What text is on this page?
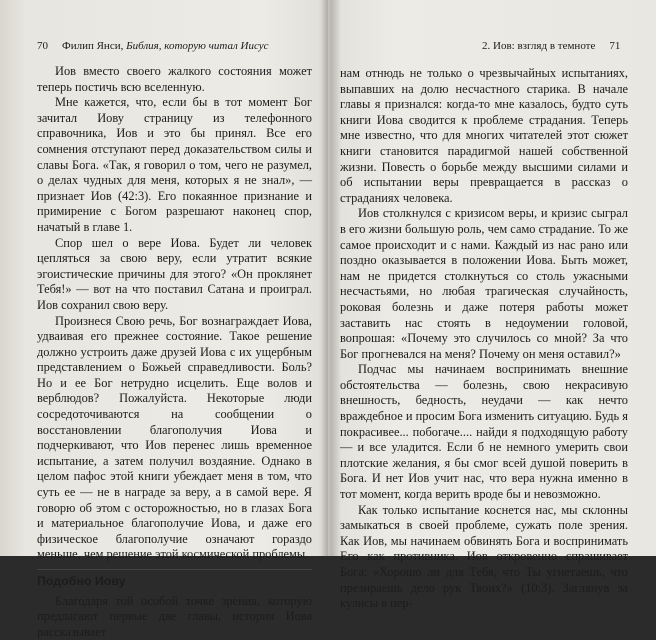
70 Филип Янси, Библия, которую читал Иисус

Иов вместо своего жалкого состояния может теперь постичь всю вселенную.

Мне кажется, что, если бы в тот момент Бог зачитал Иову страницу из телефонного справочника, Иов и это бы принял. Все его сомнения отступают перед доказательством силы и славы Бога. «Так, я говорил о том, чего не разумел, о делах чудных для меня, которых я не знал», — признает Иов (42:3). Его покаянное признание и примирение с Богом разрешают наконец спор, начатый в главе 1.

Спор шел о вере Иова. Будет ли человек цепляться за свою веру, если утратит всякие эгоистические причины для этого? «Он проклянет Тебя!» — вот на что поставил Сатана и проиграл. Иов сохранил свою веру.

Произнеся Свою речь, Бог вознаграждает Иова, удваивая его прежнее состояние. Такое решение должно устроить даже друзей Иова с их ущербным представлением о Божьей справедливости. Боль? Но и ее Бог нетрудно исцелить. Еще волов и верблюдов? Пожалуйста. Некоторые люди сосредоточиваются на сообщении о восстановлении благополучия Иова и подчеркивают, что Иов перенес лишь временное испытание, а затем получил воздаяние. Однако в целом пафос этой книги убеждает меня в том, что суть ее — не в награде за веру, а в самой вере. Я говорю об этом с осторожностью, но в глазах Бога и материальное благополучие Иова, и даже его физическое благополучие означают гораздо меньше, чем решение этой космической проблемы.

Подобно Иову

Благодаря той особой точке зрения, которую предлагают первые две главы, история Иова рассказывает

2. Иов: взгляд в темноте 71

нам отнюдь не только о чрезвычайных испытаниях, выпавших на долю несчастного старика. В начале главы я признался: когда-то мне казалось, будто суть книги Иова сводится к проблеме страдания. Теперь мне известно, что для многих читателей этот сюжет книги становится парадигмой нашей собственной жизни. Повесть о борьбе между высшими силами и об испытании веры превращается в рассказ о страданиях человека.

Иов столкнулся с кризисом веры, и кризис сыграл в его жизни большую роль, чем само страдание. То же самое происходит и с нами. Каждый из нас рано или поздно оказывается в положении Иова. Быть может, нам не придется столкнуться со столь ужасными несчастьями, но любая трагическая случайность, роковая болезнь и даже потеря работы может заставить нас стоять в недоумении головой, вопрошая: «Почему это случилось со мной? За что Бог прогневался на меня? Почему он меня оставил?»

Подчас мы начинаем воспринимать внешние обстоятельства — болезнь, свою некрасивую внешность, бедность, неудачи — как нечто враждебное и просим Бога изменить ситуацию. Будь я покрасивее... побогаче.... найди я подходящую работу — и все уладится. Если б не немного умерить свои плотские желания, я бы смог всей душой поверить в Бога. И нет Иов учит нас, что вера нужна именно в тот момент, когда верить вроде бы и невозможно.

Как только испытание коснется нас, мы склонны замыкаться в своей проблеме, сужать поле зрения. Как Иов, мы начинаем обвинять Бога и воспринимать Его как противника. Иов откровенно спрашивает Бога: «Хорошо ли для Тебя, что Ты угнетаешь, что презираешь дело рук Твоих?» (10:3). Заглянув за кулисы в пер-
